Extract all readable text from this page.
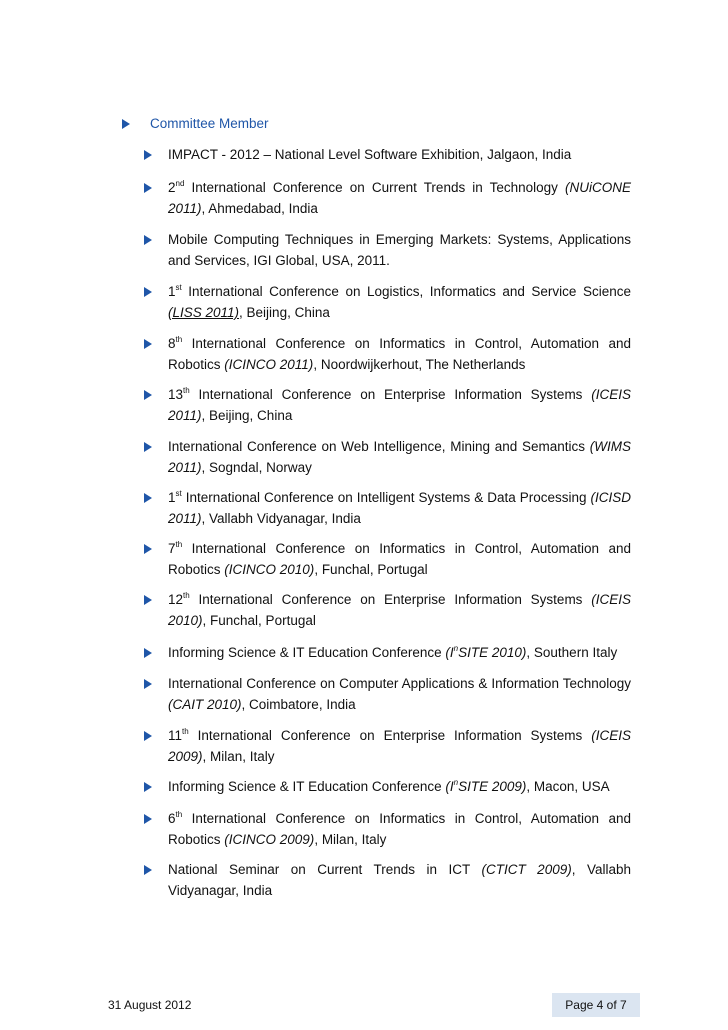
Committee Member
IMPACT - 2012 – National Level Software Exhibition, Jalgaon, India
2nd International Conference on Current Trends in Technology (NUiCONE
2011), Ahmedabad, India
Mobile Computing Techniques in Emerging Markets: Systems, Applications
and Services, IGI Global, USA, 2011.
1st International Conference on Logistics, Informatics and Service Science
(LISS 2011), Beijing, China
8th International Conference on Informatics in Control, Automation and
Robotics (ICINCO 2011), Noordwijkerhout, The Netherlands
13th International Conference on Enterprise Information Systems (ICEIS
2011), Beijing, China
International Conference on Web Intelligence, Mining and Semantics (WIMS
2011), Sogndal, Norway
1st International Conference on Intelligent Systems & Data Processing (ICISD
2011), Vallabh Vidyanagar, India
7th International Conference on Informatics in Control, Automation and
Robotics (ICINCO 2010), Funchal, Portugal
12th International Conference on Enterprise Information Systems (ICEIS
2010), Funchal, Portugal
Informing Science & IT Education Conference ($I^nSITE$ 2010), Southern Italy
International Conference on Computer Applications & Information Technology
(CAIT 2010), Coimbatore, India
11th International Conference on Enterprise Information Systems (ICEIS
2009), Milan, Italy
Informing Science & IT Education Conference ($I^nSITE$ 2009), Macon, USA
6th International Conference on Informatics in Control, Automation and
Robotics (ICINCO 2009), Milan, Italy
National Seminar on Current Trends in ICT (CTICT 2009), Vallabh
Vidyanagar, India
31 August 2012	Page 4 of 7
